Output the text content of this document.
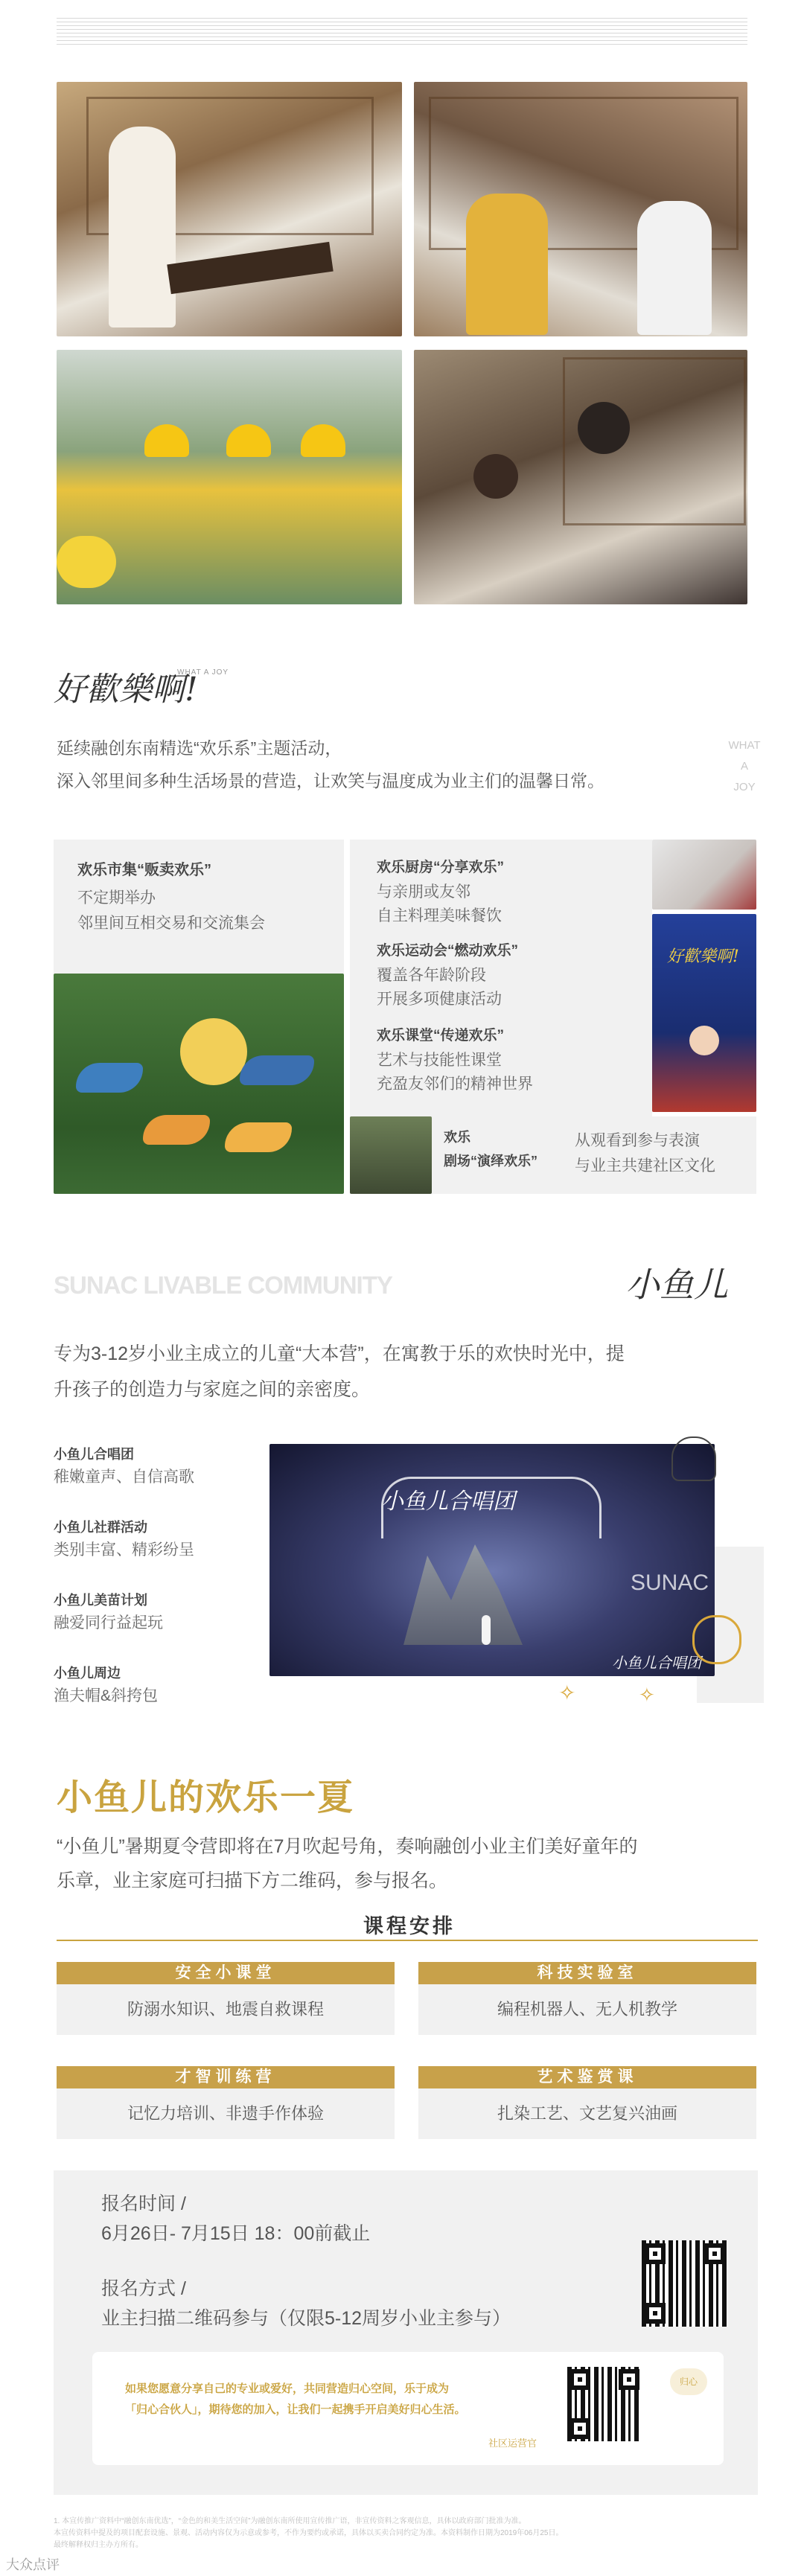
好歡樂啊!
WHAT A JOY
延续融创东南精选“欢乐系”主题活动，
深入邻里间多种生活场景的营造，让欢笑与温度成为业主们的温馨日常。
WHAT
A
JOY
欢乐市集“贩卖欢乐”
不定期举办
邻里间互相交易和交流集会
欢乐厨房“分享欢乐”
与亲朋或友邻
自主料理美味餐饮
欢乐运动会“燃动欢乐”
覆盖各年龄阶段
开展多项健康活动
欢乐课堂“传递欢乐”
艺术与技能性课堂
充盈友邻们的精神世界
好歡樂啊!
欢乐
剧场“演绎欢乐”
从观看到参与表演
与业主共建社区文化
SUNAC LIVABLE COMMUNITY	小鱼儿
专为3-12岁小业主成立的儿童“大本营”，在寓教于乐的欢快时光中，提
升孩子的创造力与家庭之间的亲密度。
小鱼儿合唱团
稚嫩童声、自信高歌
小鱼儿社群活动
类别丰富、精彩纷呈
小鱼儿美苗计划
融爱同行益起玩
小鱼儿周边
渔夫帽&斜挎包
小鱼儿合唱团
SUNAC
小鱼儿合唱团
✧	✧
小鱼儿的欢乐一夏
“小鱼儿”暑期夏令营即将在7月吹起号角，奏响融创小业主们美好童年的
乐章，业主家庭可扫描下方二维码，参与报名。
课程安排
安全小课堂
防溺水知识、地震自救课程
科技实验室
编程机器人、无人机教学
才智训练营
记忆力培训、非遗手作体验
艺术鉴赏课
扎染工艺、文艺复兴油画
报名时间 /
6月26日- 7月15日 18：00前截止
报名方式 /
业主扫描二维码参与（仅限5-12周岁小业主参与）
如果您愿意分享自己的专业或爱好，共同营造归心空间，乐于成为
「归心合伙人」，期待您的加入，让我们一起携手开启美好归心生活。
社区运营官
归心
1. 本宣传推广资料中“融创东南优选”，“金色的和美生活空间”为融创东南所使用宣传推广语，非宣传资料之客观信息，具体以政府部门批准为准。
本宣传资料中提及的项目配套设施、景观、活动内容仅为示意或参考，不作为要约或承诺，具体以买卖合同约定为准。本资料制作日期为2019年06月25日。
最终解释权归主办方所有。
大众点评
